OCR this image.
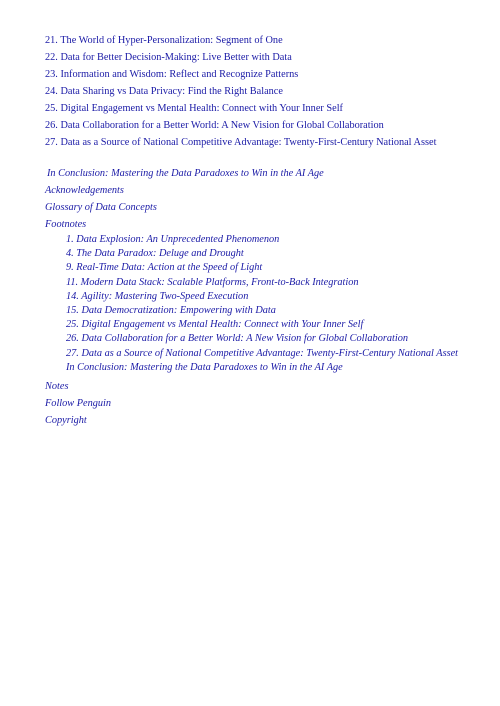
21. The World of Hyper-Personalization: Segment of One
22. Data for Better Decision-Making: Live Better with Data
23. Information and Wisdom: Reflect and Recognize Patterns
24. Data Sharing vs Data Privacy: Find the Right Balance
25. Digital Engagement vs Mental Health: Connect with Your Inner Self
26. Data Collaboration for a Better World: A New Vision for Global Collaboration
27. Data as a Source of National Competitive Advantage: Twenty-First-Century National Asset
In Conclusion: Mastering the Data Paradoxes to Win in the AI Age
Acknowledgements
Glossary of Data Concepts
Footnotes
1. Data Explosion: An Unprecedented Phenomenon
4. The Data Paradox: Deluge and Drought
9. Real-Time Data: Action at the Speed of Light
11. Modern Data Stack: Scalable Platforms, Front-to-Back Integration
14. Agility: Mastering Two-Speed Execution
15. Data Democratization: Empowering with Data
25. Digital Engagement vs Mental Health: Connect with Your Inner Self
26. Data Collaboration for a Better World: A New Vision for Global Collaboration
27. Data as a Source of National Competitive Advantage: Twenty-First-Century National Asset
In Conclusion: Mastering the Data Paradoxes to Win in the AI Age
Notes
Follow Penguin
Copyright
